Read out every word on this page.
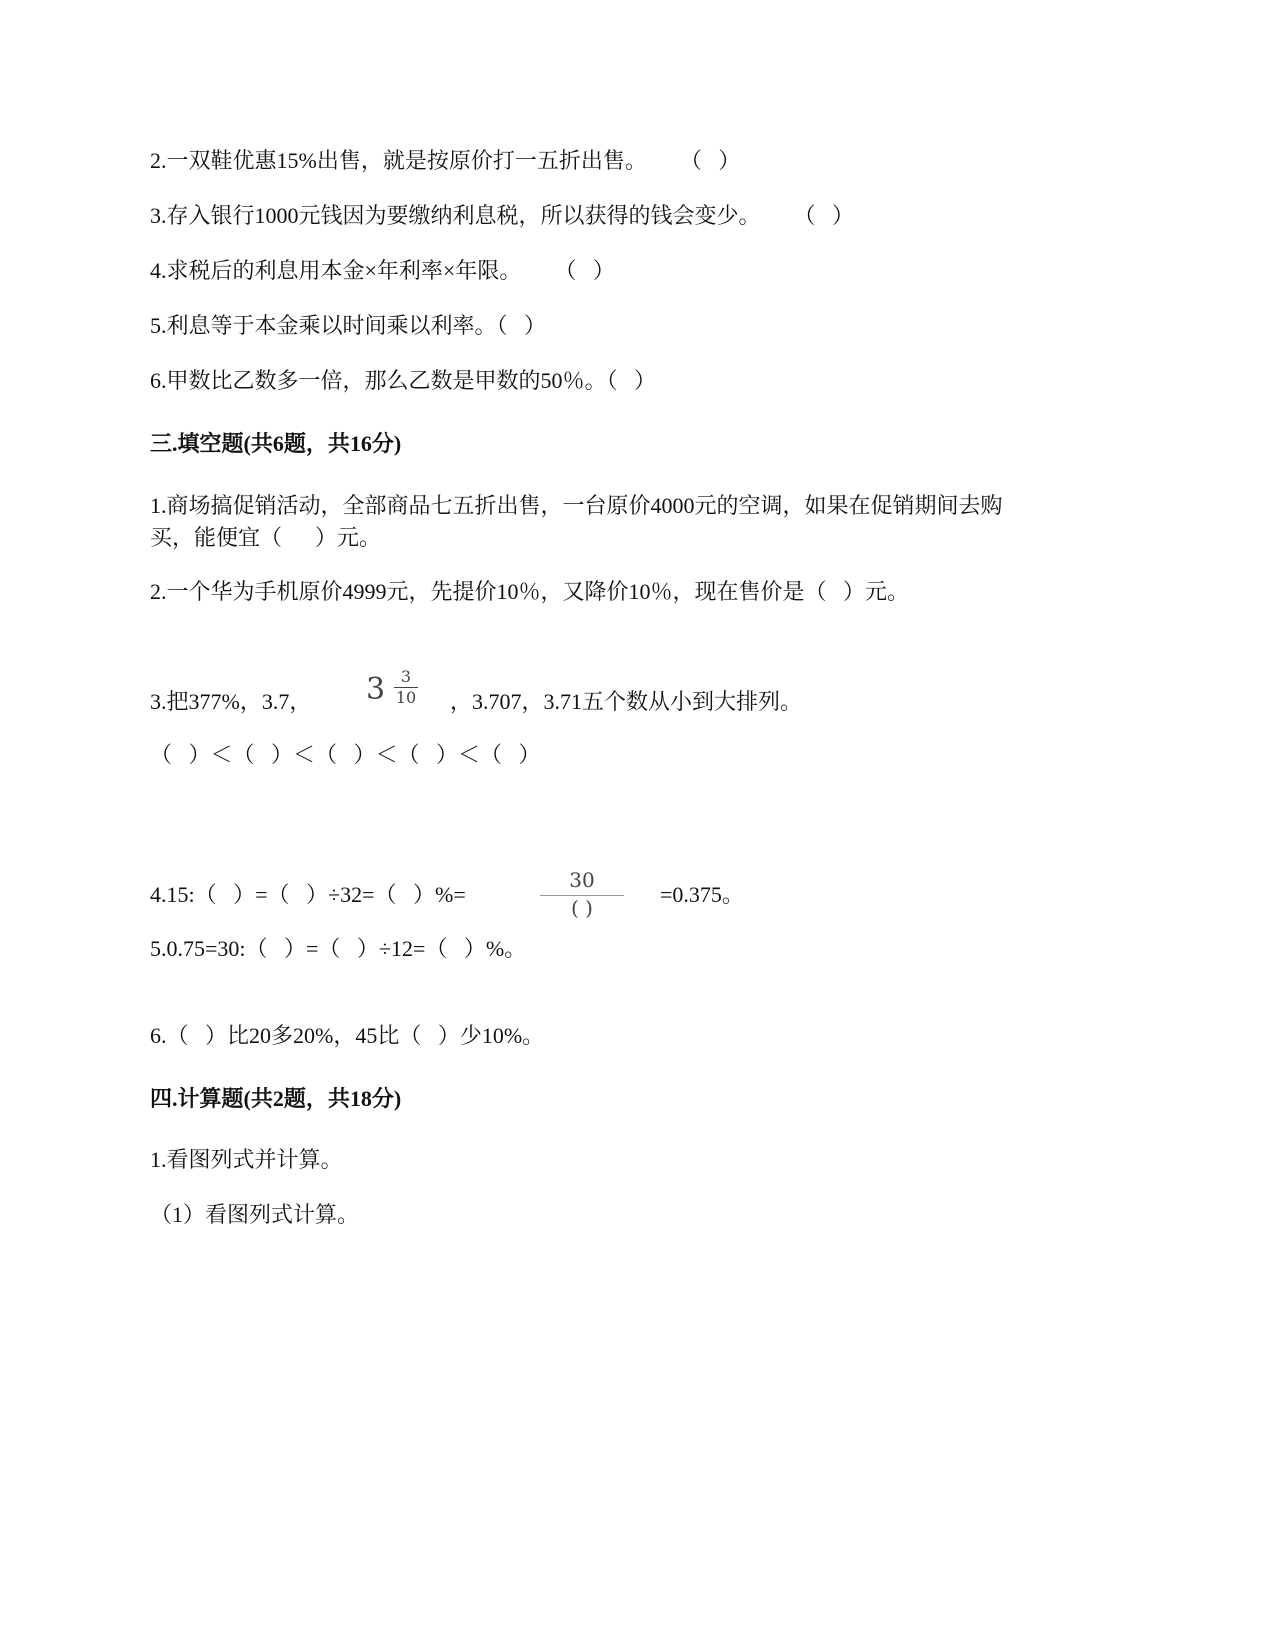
2.一双鞋优惠15%出售，就是按原价打一五折出售。      （   ）

3.存入银行1000元钱因为要缴纳利息税，所以获得的钱会变少。      （   ）

4.求税后的利息用本金×年利率×年限。      （   ）

5.利息等于本金乘以时间乘以利率。（   ）

6.甲数比乙数多一倍，那么乙数是甲数的50％。（   ）

三.填空题(共6题，共16分)

1.商场搞促销活动，全部商品七五折出售，一台原价4000元的空调，如果在促销期间去购

买，能便宜（      ）元。

2.一个华为手机原价4999元，先提价10％，又降价10％，现在售价是（   ）元。

3.把377%，3.7， 3 3
10 ，3.707，3.71五个数从小到大排列。

（   ）＜（   ）＜（   ）＜（   ）＜（   ）

4.15:（   ）=（   ）÷32=（   ）%=

30
( )

=0.375。

5.0.75=30:（   ）=（   ）÷12=（   ）%。

6.（   ）比20多20%，45比（   ）少10%。

四.计算题(共2题，共18分)

1.看图列式并计算。

（1）看图列式计算。
